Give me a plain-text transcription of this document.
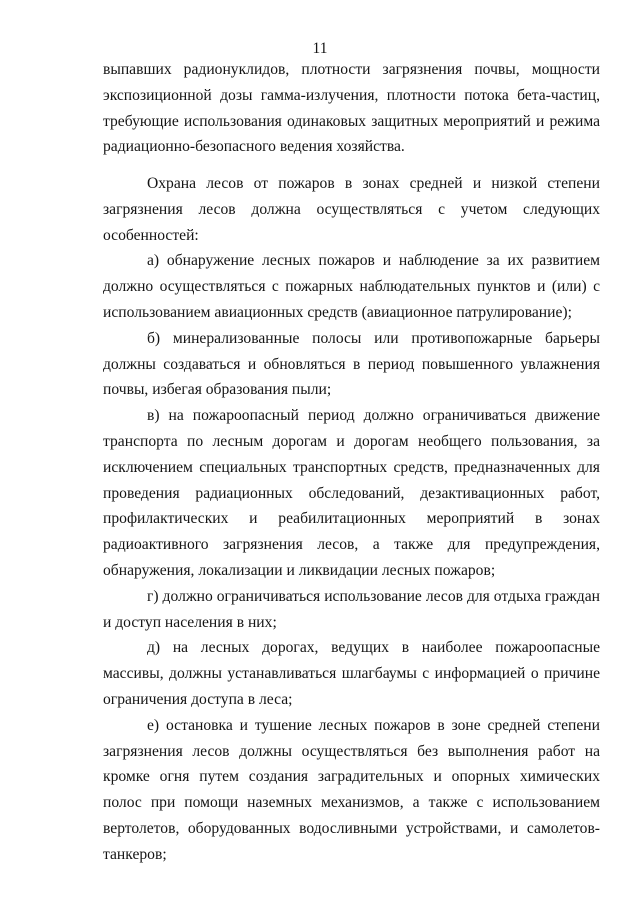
11

выпавших радионуклидов, плотности загрязнения почвы, мощности экспозиционной дозы гамма-излучения, плотности потока бета-частиц, требующие использования одинаковых защитных мероприятий и режима радиационно-безопасного ведения хозяйства.

Охрана лесов от пожаров в зонах средней и низкой степени загрязнения лесов должна осуществляться с учетом следующих особенностей:

а) обнаружение лесных пожаров и наблюдение за их развитием должно осуществляться с пожарных наблюдательных пунктов и (или) с использованием авиационных средств (авиационное патрулирование);

б) минерализованные полосы или противопожарные барьеры должны создаваться и обновляться в период повышенного увлажнения почвы, избегая образования пыли;

в) на пожароопасный период должно ограничиваться движение транспорта по лесным дорогам и дорогам необщего пользования, за исключением специальных транспортных средств, предназначенных для проведения радиационных обследований, дезактивационных работ, профилактических и реабилитационных мероприятий в зонах радиоактивного загрязнения лесов, а также для предупреждения, обнаружения, локализации и ликвидации лесных пожаров;

г) должно ограничиваться использование лесов для отдыха граждан и доступ населения в них;

д) на лесных дорогах, ведущих в наиболее пожароопасные массивы, должны устанавливаться шлагбаумы с информацией о причине ограничения доступа в леса;

е) остановка и тушение лесных пожаров в зоне средней степени загрязнения лесов должны осуществляться без выполнения работ на кромке огня путем создания заградительных и опорных химических полос при помощи наземных механизмов, а также с использованием вертолетов, оборудованных водосливными устройствами, и самолетов-танкеров;
